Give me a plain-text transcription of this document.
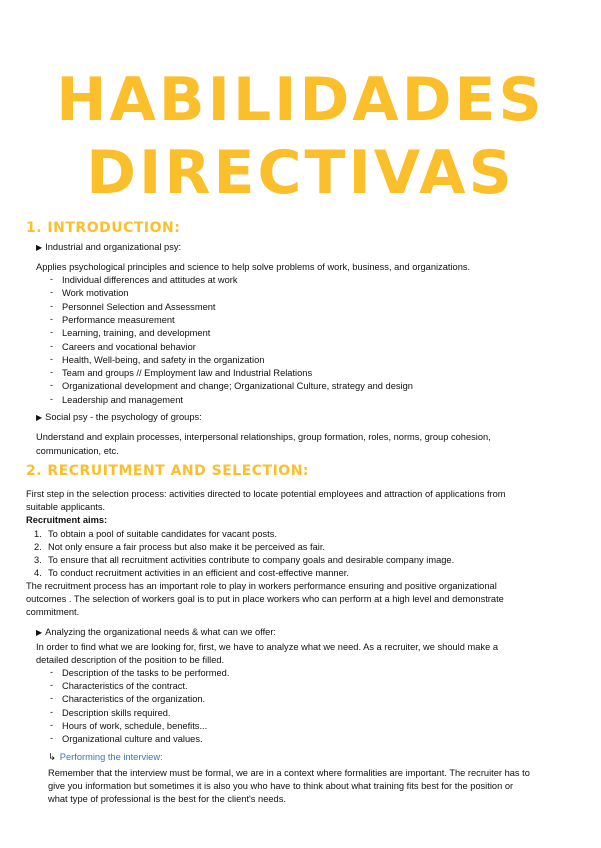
HABILIDADES
DIRECTIVAS
1. INTRODUCTION:
▶ Industrial and organizational psy:
Applies psychological principles and science to help solve problems of work, business, and organizations.
- Individual differences and attitudes at work
- Work motivation
- Personnel Selection and Assessment
- Performance measurement
- Learning, training, and development
- Careers and vocational behavior
- Health, Well-being, and safety in the organization
- Team and groups // Employment law and Industrial Relations
- Organizational development and change; Organizational Culture, strategy and design
- Leadership and management
▶ Social psy - the psychology of groups:
Understand and explain processes, interpersonal relationships, group formation, roles, norms, group cohesion,
communication, etc.
2. RECRUITMENT AND SELECTION:
First step in the selection process: activities directed to locate potential employees and attraction of applications from
suitable applicants.
Recruitment aims:
1. To obtain a pool of suitable candidates for vacant posts.
2. Not only ensure a fair process but also make it be perceived as fair.
3. To ensure that all recruitment activities contribute to company goals and desirable company image.
4. To conduct recruitment activities in an efficient and cost-effective manner.
The recruitment process has an important role to play in workers performance ensuring and positive organizational
outcomes . The selection of workers goal is to put in place workers who can perform at a high level and demonstrate
commitment.
▶ Analyzing the organizational needs & what can we offer:
In order to find what we are looking for, first, we have to analyze what we need. As a recruiter, we should make a
detailed description of the position to be filled.
- Description of the tasks to be performed.
- Characteristics of the contract.
- Characteristics of the organization.
- Description skills required.
- Hours of work, schedule, benefits...
- Organizational culture and values.
↳ Performing the interview:
Remember that the interview must be formal, we are in a context where formalities are important. The recruiter has to
give you information but sometimes it is also you who have to think about what training fits best for the position or
what type of professional is the best for the client's needs.
